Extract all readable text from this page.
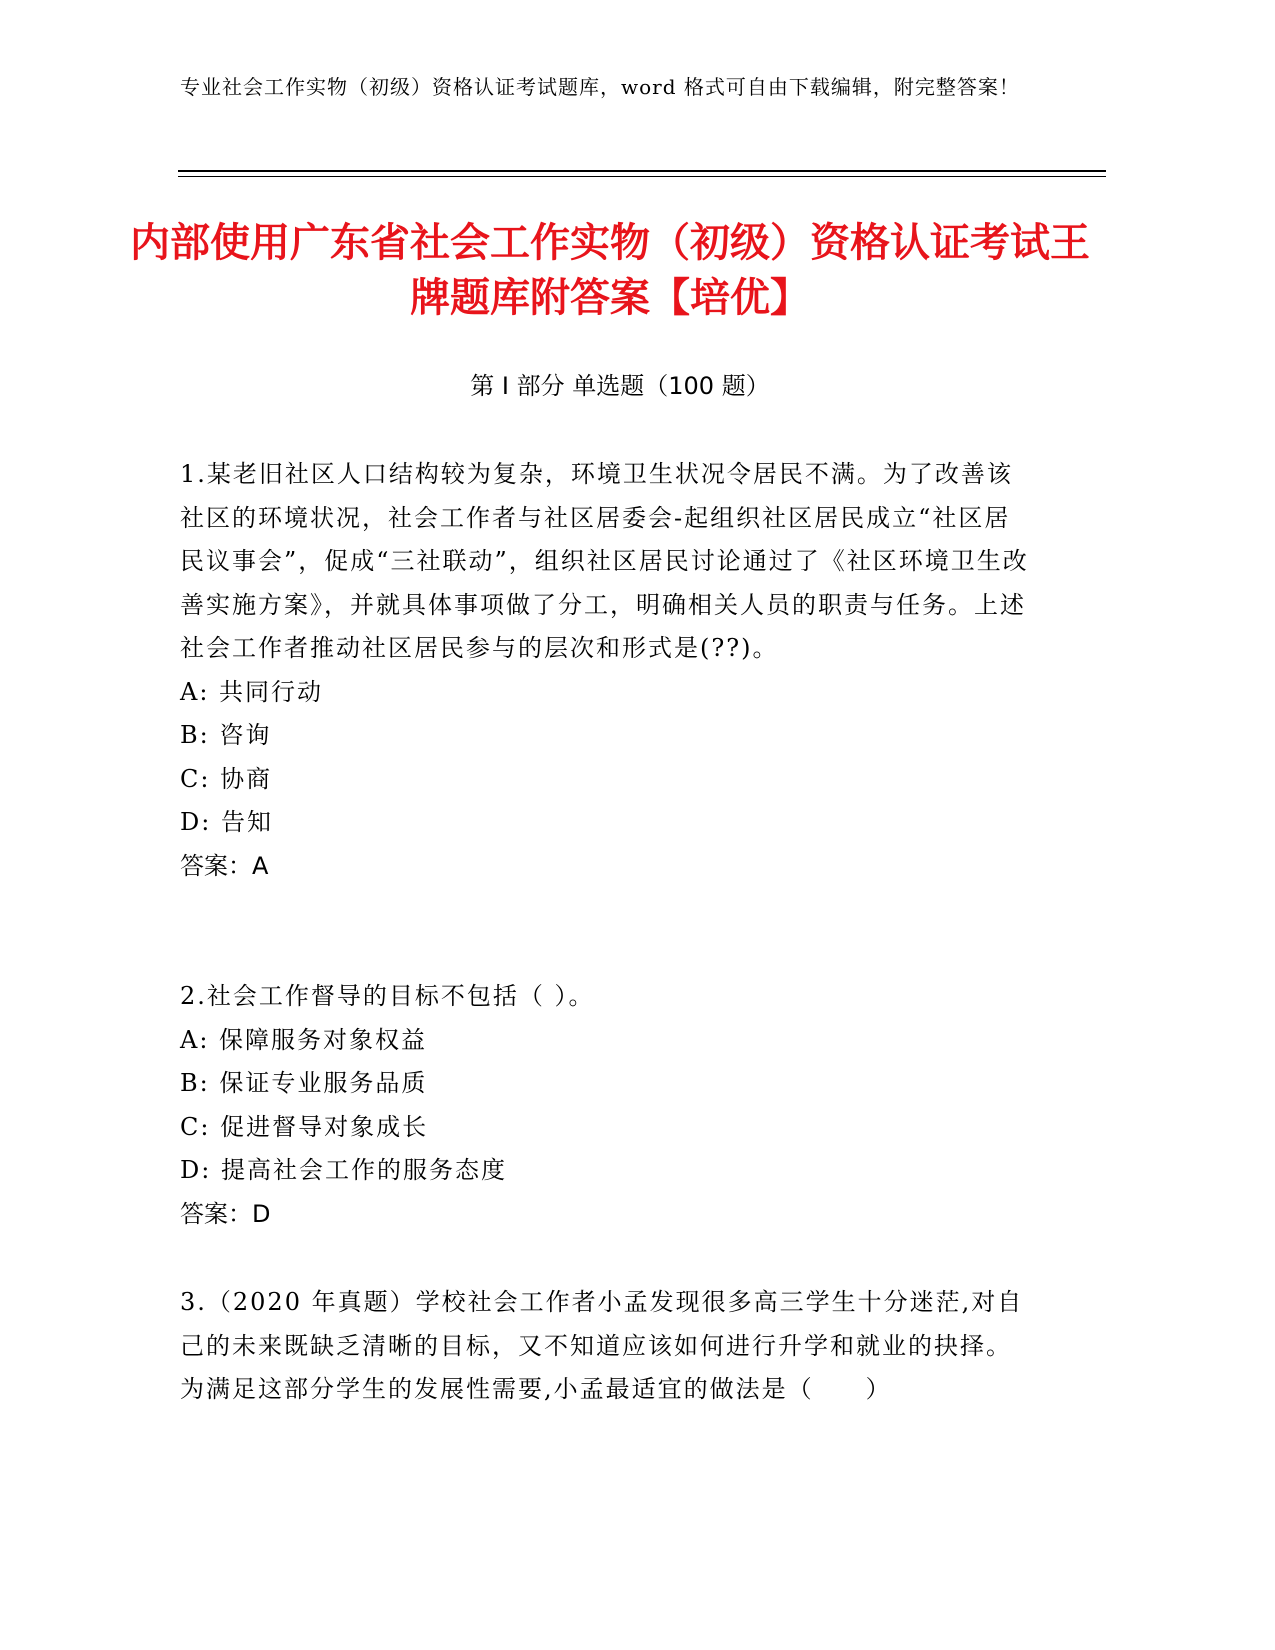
专业社会工作实物（初级）资格认证考试题库，word 格式可自由下载编辑，附完整答案！
内部使用广东省社会工作实物（初级）资格认证考试王牌题库附答案【培优】
第 I 部分 单选题（100 题）

1.某老旧社区人口结构较为复杂，环境卫生状况令居民不满。为了改善该社区的环境状况，社会工作者与社区居委会-起组织社区居民成立“社区居民议事会”，促成“三社联动”，组织社区居民讨论通过了《社区环境卫生改善实施方案》，并就具体事项做了分工，明确相关人员的职责与任务。上述社会工作者推动社区居民参与的层次和形式是(??)。

A: 共同行动

B: 咨询

C: 协商

D: 告知

答案：A

2.社会工作督导的目标不包括（ ）。

A: 保障服务对象权益

B: 保证专业服务品质

C: 促进督导对象成长

D: 提高社会工作的服务态度

答案：D

3.（2020 年真题）学校社会工作者小孟发现很多高三学生十分迷茫,对自己的未来既缺乏清晰的目标，又不知道应该如何进行升学和就业的抉择。为满足这部分学生的发展性需要,小孟最适宜的做法是（　　）
